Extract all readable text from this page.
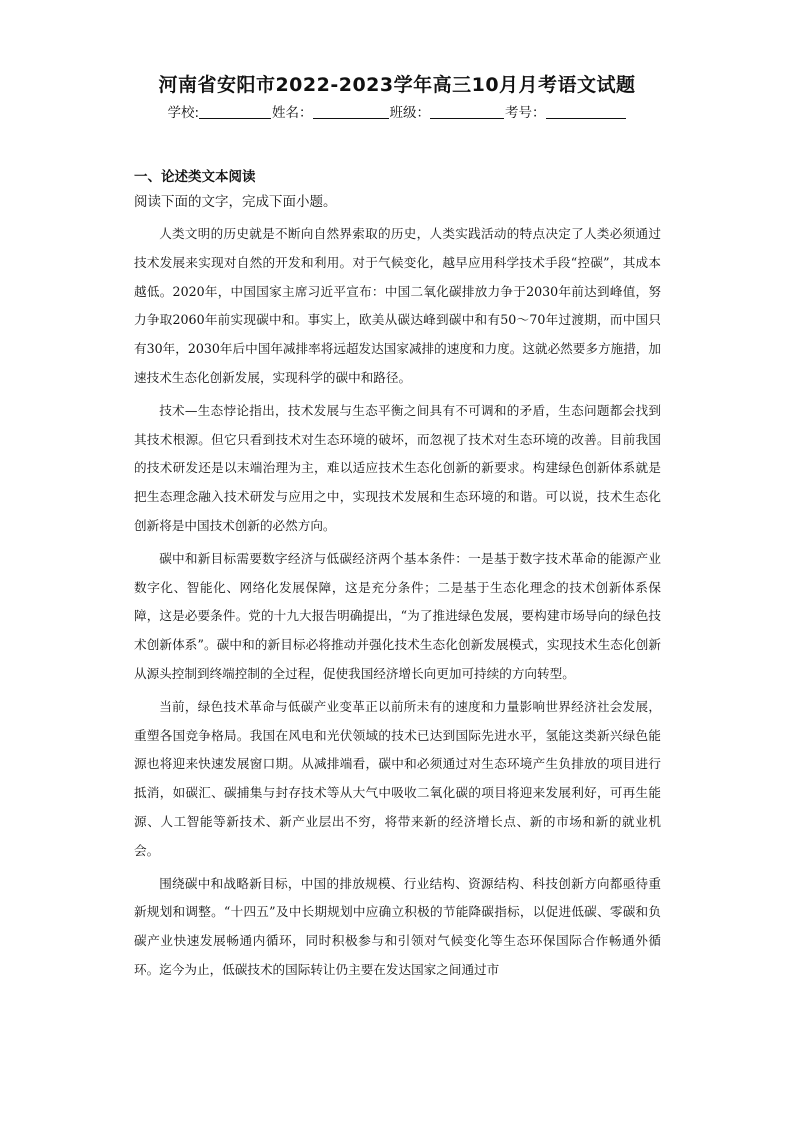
河南省安阳市2022-2023学年高三10月月考语文试题
学校:	姓名：	班级：	考号：
一、论述类文本阅读
阅读下面的文字，完成下面小题。

人类文明的历史就是不断向自然界索取的历史，人类实践活动的特点决定了人类必须通过技术发展来实现对自然的开发和利用。对于气候变化，越早应用科学技术手段“控碳”，其成本越低。2020年，中国国家主席习近平宣布：中国二氧化碳排放力争于2030年前达到峰值，努力争取2060年前实现碳中和。事实上，欧美从碳达峰到碳中和有50～70年过渡期，而中国只有30年，2030年后中国年减排率将远超发达国家减排的速度和力度。这就必然要多方施措，加速技术生态化创新发展，实现科学的碳中和路径。

技术—生态悖论指出，技术发展与生态平衡之间具有不可调和的矛盾，生态问题都会找到其技术根源。但它只看到技术对生态环境的破坏，而忽视了技术对生态环境的改善。目前我国的技术研发还是以末端治理为主，难以适应技术生态化创新的新要求。构建绿色创新体系就是把生态理念融入技术研发与应用之中，实现技术发展和生态环境的和谐。可以说，技术生态化创新将是中国技术创新的必然方向。

碳中和新目标需要数字经济与低碳经济两个基本条件：一是基于数字技术革命的能源产业数字化、智能化、网络化发展保障，这是充分条件；二是基于生态化理念的技术创新体系保障，这是必要条件。党的十九大报告明确提出，“为了推进绿色发展，要构建市场导向的绿色技术创新体系”。碳中和的新目标必将推动并强化技术生态化创新发展模式，实现技术生态化创新从源头控制到终端控制的全过程，促使我国经济增长向更加可持续的方向转型。

当前，绿色技术革命与低碳产业变革正以前所未有的速度和力量影响世界经济社会发展，重塑各国竞争格局。我国在风电和光伏领域的技术已达到国际先进水平，氢能这类新兴绿色能源也将迎来快速发展窗口期。从减排端看，碳中和必须通过对生态环境产生负排放的项目进行抵消，如碳汇、碳捕集与封存技术等从大气中吸收二氧化碳的项目将迎来发展利好，可再生能源、人工智能等新技术、新产业层出不穷，将带来新的经济增长点、新的市场和新的就业机会。

围绕碳中和战略新目标，中国的排放规模、行业结构、资源结构、科技创新方向都亟待重新规划和调整。“十四五”及中长期规划中应确立积极的节能降碳指标，以促进低碳、零碳和负碳产业快速发展畅通内循环，同时积极参与和引领对气候变化等生态环保国际合作畅通外循环。迄今为止，低碳技术的国际转让仍主要在发达国家之间通过市
